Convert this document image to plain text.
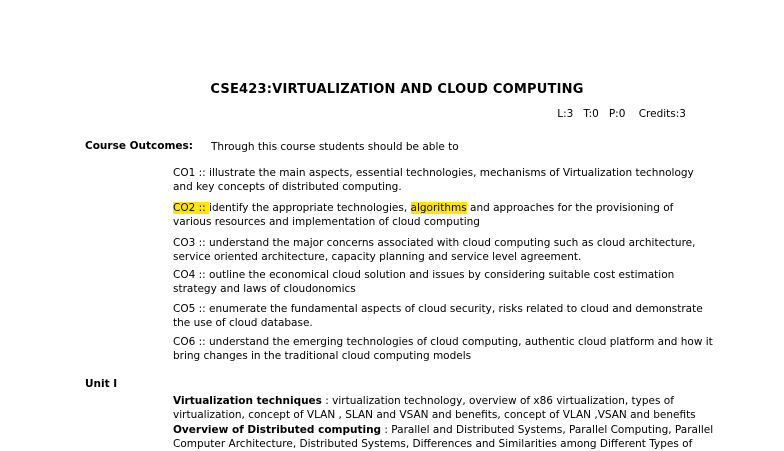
CSE423:VIRTUALIZATION AND CLOUD COMPUTING
L:3   T:0   P:0    Credits:3
Course Outcomes: Through this course students should be able to
CO1 :: illustrate the main aspects, essential technologies, mechanisms of Virtualization technology and key concepts of distributed computing.
CO2 :: identify the appropriate technologies, algorithms and approaches for the provisioning of various resources and implementation of cloud computing
CO3 :: understand the major concerns associated with cloud computing such as cloud architecture, service oriented architecture, capacity planning and service level agreement.
CO4 :: outline the economical cloud solution and issues by considering suitable cost estimation strategy and laws of cloudonomics
CO5 :: enumerate the fundamental aspects of cloud security, risks related to cloud and demonstrate the use of cloud database.
CO6 :: understand the emerging technologies of cloud computing, authentic cloud platform and how it bring changes in the traditional cloud computing models
Unit I
Virtualization techniques : virtualization technology, overview of x86 virtualization, types of virtualization, concept of VLAN , SLAN and VSAN and benefits, concept of VLAN ,VSAN and benefits
Overview of Distributed computing : Parallel and Distributed Systems, Parallel Computing, Parallel Computer Architecture, Distributed Systems, Differences and Similarities among Different Types of
